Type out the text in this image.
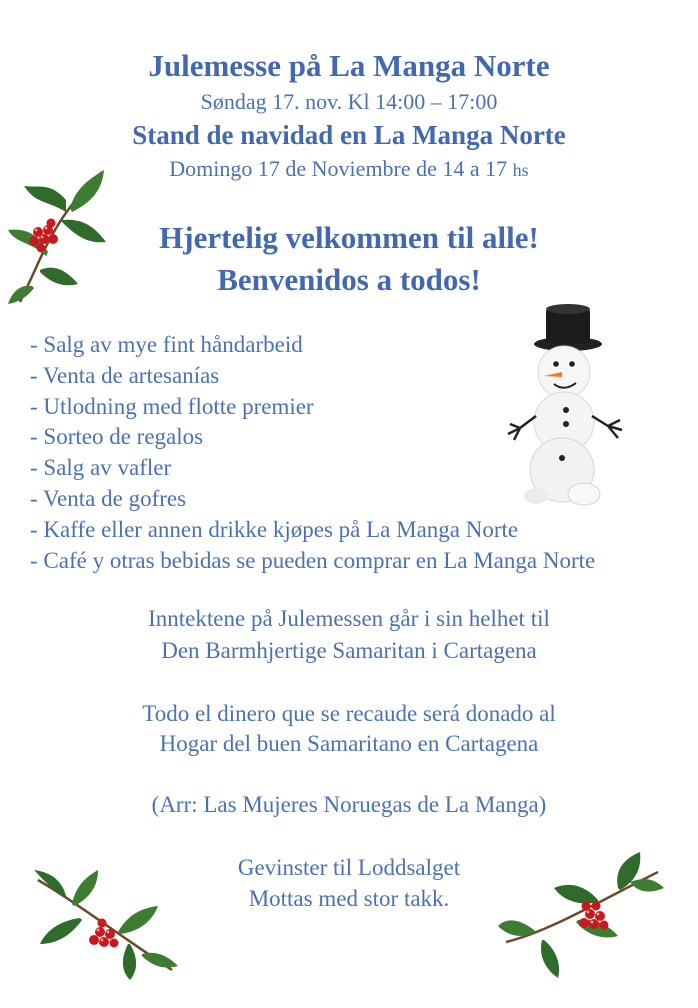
Julemesse på La Manga Norte
Søndag 17. nov. Kl 14:00 – 17:00
Stand de navidad en La Manga Norte
Domingo 17 de Noviembre de 14 a 17 hs
Hjertelig velkommen til alle!
Benvenidos a todos!
- Salg av mye fint håndarbeid
- Venta de artesanías
- Utlodning med flotte premier
- Sorteo de regalos
- Salg av vafler
- Venta de gofres
- Kaffe eller annen drikke kjøpes på La Manga Norte
- Café y otras bebidas se pueden comprar en La Manga Norte
Inntektene på Julemessen går i sin helhet til
Den Barmhjertige Samaritan i Cartagena
Todo el dinero que se recaude será donado al
Hogar del buen Samaritano en Cartagena
(Arr: Las Mujeres Noruegas de La Manga)
Gevinster til Loddsalget
Mottas med stor takk.
